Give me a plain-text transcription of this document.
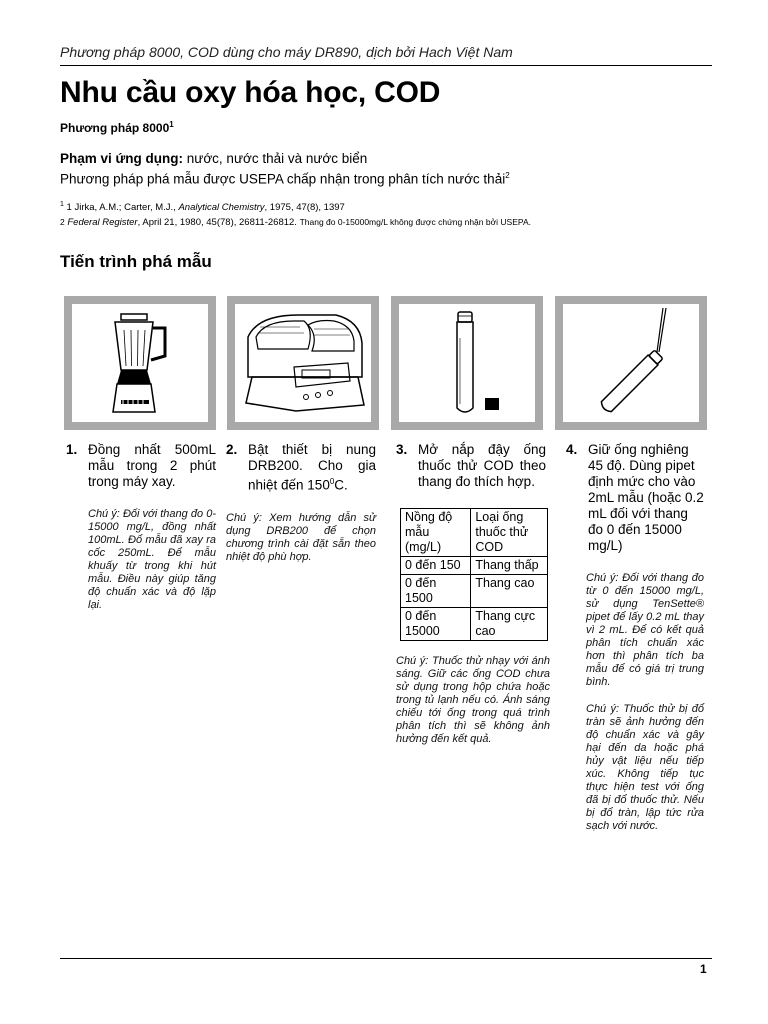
Phương pháp 8000, COD dùng cho máy DR890, dịch bởi Hach Việt Nam
Nhu cầu oxy hóa học, COD
Phương pháp 8000$^1$
Phạm vi ứng dụng: nước, nước thải và nước biển
Phương pháp phá mẫu được USEPA chấp nhận trong phân tích nước thải$^2$
$^1$ 1 Jirka, A.M.; Carter, M.J., Analytical Chemistry, 1975, 47(8), 1397
2 Federal Register, April 21, 1980, 45(78), 26811-26812. Thang đo 0-15000mg/L không được chứng nhận bởi USEPA.
Tiến trình phá mẫu
1. Đồng nhất 500mL mẫu trong 2 phút trong máy xay.
Chú ý: Đối với thang đo 0-15000 mg/L, đồng nhất 100mL. Đổ mẫu đã xay ra cốc 250mL. Để mẫu khuấy từ trong khi hút mẫu. Điều này giúp tăng độ chuẩn xác và độ lặp lại.
2. Bật thiết bị nung DRB200. Cho gia nhiệt đến $150^0C$.
Chú ý: Xem hướng dẫn sử dụng DRB200 để chọn chương trình cài đặt sẵn theo nhiệt độ phù hợp.
3. Mở nắp đậy ống thuốc thử COD theo thang đo thích hợp.
Nồng độ mẫu (mg/L)	Loại ống thuốc thử COD
0 đến 150	Thang thấp
0 đến 1500	Thang cao
0 đến 15000	Thang cực cao
Chú ý: Thuốc thử nhạy với ánh sáng. Giữ các ống COD chưa sử dụng trong hộp chứa hoặc trong tủ lạnh nếu có. Ánh sáng chiếu tới ống trong quá trình phân tích thì sẽ không ảnh hưởng đến kết quả.
4. Giữ ống nghiêng 45 độ. Dùng pipet định mức cho vào 2mL mẫu (hoặc 0.2 mL đối với thang đo 0 đến 15000 mg/L)
Chú ý: Đối với thang đo từ 0 đến 15000 mg/L, sử dụng TenSette® pipet để lấy 0.2 mL thay vì 2 mL. Để có kết quả phân tích chuẩn xác hơn thì phân tích ba mẫu để có giá trị trung bình.
Chú ý: Thuốc thử bị đổ tràn sẽ ảnh hưởng đến độ chuẩn xác và gây hại đến da hoặc phá hủy vật liệu nếu tiếp xúc. Không tiếp tục thực hiện test với ống đã bị đổ thuốc thử. Nếu bị đổ tràn, lập tức rửa sạch với nước.
1
